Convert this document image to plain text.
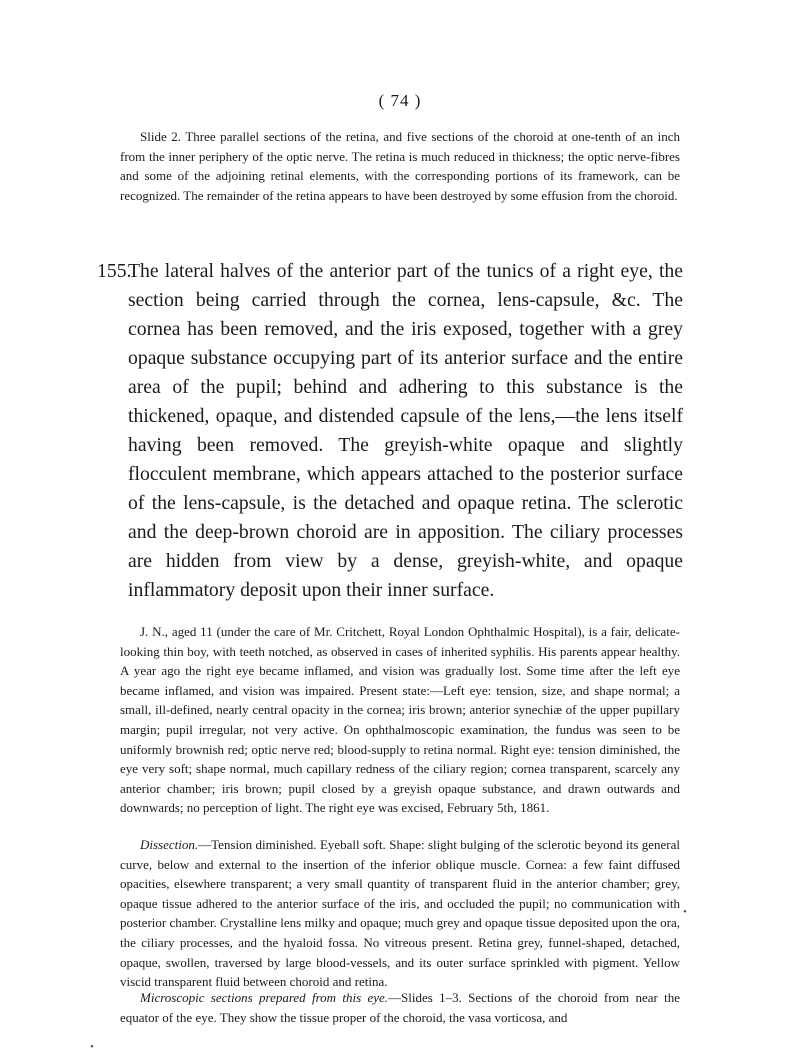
( 74 )

Slide 2. Three parallel sections of the retina, and five sections of the choroid at one-tenth of an inch from the inner periphery of the optic nerve. The retina is much reduced in thickness; the optic nerve-fibres and some of the adjoining retinal elements, with the corresponding portions of its framework, can be recognized. The remainder of the retina appears to have been destroyed by some effusion from the choroid.

155.

The lateral halves of the anterior part of the tunics of a right eye, the section being carried through the cornea, lens-capsule, &c. The cornea has been removed, and the iris exposed, together with a grey opaque substance occupying part of its anterior surface and the entire area of the pupil; behind and adhering to this substance is the thickened, opaque, and distended capsule of the lens,—the lens itself having been removed. The greyish-white opaque and slightly flocculent membrane, which appears attached to the posterior surface of the lens-capsule, is the detached and opaque retina. The sclerotic and the deep-brown choroid are in apposition. The ciliary processes are hidden from view by a dense, greyish-white, and opaque inflammatory deposit upon their inner surface.

J. N., aged 11 (under the care of Mr. Critchett, Royal London Ophthalmic Hospital), is a fair, delicate-looking thin boy, with teeth notched, as observed in cases of inherited syphilis. His parents appear healthy. A year ago the right eye became inflamed, and vision was gradually lost. Some time after the left eye became inflamed, and vision was impaired. Present state:—Left eye: tension, size, and shape normal; a small, ill-defined, nearly central opacity in the cornea; iris brown; anterior synechiæ of the upper pupillary margin; pupil irregular, not very active. On ophthalmoscopic examination, the fundus was seen to be uniformly brownish red; optic nerve red; blood-supply to retina normal. Right eye: tension diminished, the eye very soft; shape normal, much capillary redness of the ciliary region; cornea transparent, scarcely any anterior chamber; iris brown; pupil closed by a greyish opaque substance, and drawn outwards and downwards; no perception of light. The right eye was excised, February 5th, 1861.

Dissection.—Tension diminished. Eyeball soft. Shape: slight bulging of the sclerotic beyond its general curve, below and external to the insertion of the inferior oblique muscle. Cornea: a few faint diffused opacities, elsewhere transparent; a very small quantity of transparent fluid in the anterior chamber; grey, opaque tissue adhered to the anterior surface of the iris, and occluded the pupil; no communication with posterior chamber. Crystalline lens milky and opaque; much grey and opaque tissue deposited upon the ora, the ciliary processes, and the hyaloid fossa. No vitreous present. Retina grey, funnel-shaped, detached, opaque, swollen, traversed by large blood-vessels, and its outer surface sprinkled with pigment. Yellow viscid transparent fluid between choroid and retina.

Microscopic sections prepared from this eye.—Slides 1–3. Sections of the choroid from near the equator of the eye. They show the tissue proper of the choroid, the vasa vorticosa, and

•
•
